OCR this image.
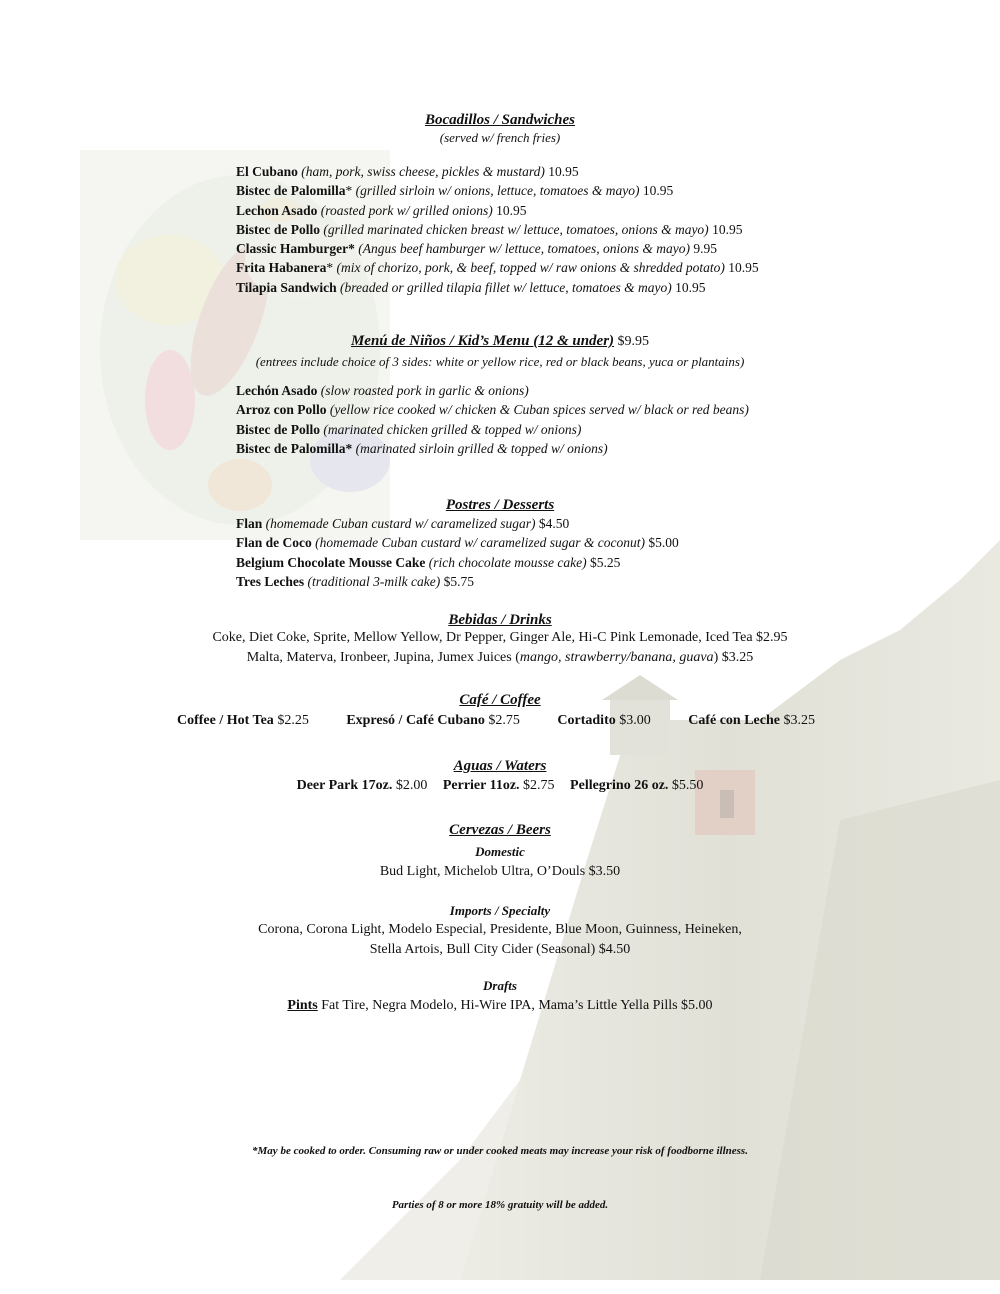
Bocadillos / Sandwiches
(served w/ french fries)
El Cubano (ham, pork, swiss cheese, pickles & mustard) 10.95
Bistec de Palomilla* (grilled sirloin w/ onions, lettuce, tomatoes & mayo) 10.95
Lechon Asado (roasted pork w/ grilled onions) 10.95
Bistec de Pollo (grilled marinated chicken breast w/ lettuce, tomatoes, onions & mayo) 10.95
Classic Hamburger* (Angus beef hamburger w/ lettuce, tomatoes, onions & mayo) 9.95
Frita Habanera* (mix of chorizo, pork, & beef, topped w/ raw onions & shredded potato) 10.95
Tilapia Sandwich (breaded or grilled tilapia fillet w/ lettuce, tomatoes & mayo) 10.95
Menú de Niños / Kid’s Menu (12 & under) $9.95
(entrees include choice of 3 sides: white or yellow rice, red or black beans, yuca or plantains)
Lechón Asado (slow roasted pork in garlic & onions)
Arroz con Pollo (yellow rice cooked w/ chicken & Cuban spices served w/ black or red beans)
Bistec de Pollo (marinated chicken grilled & topped w/ onions)
Bistec de Palomilla* (marinated sirloin grilled & topped w/ onions)
Postres / Desserts
Flan (homemade Cuban custard w/ caramelized sugar) $4.50
Flan de Coco (homemade Cuban custard w/ caramelized sugar & coconut) $5.00
Belgium Chocolate Mousse Cake (rich chocolate mousse cake) $5.25
Tres Leches (traditional 3-milk cake) $5.75
Bebidas / Drinks
Coke, Diet Coke, Sprite, Mellow Yellow, Dr Pepper, Ginger Ale, Hi-C Pink Lemonade, Iced Tea $2.95
Malta, Materva, Ironbeer, Jupina, Jumex Juices (mango, strawberry/banana, guava) $3.25
Café / Coffee
Coffee / Hot Tea $2.25	Expresó / Café Cubano $2.75	Cortadito $3.00	Café con Leche $3.25
Aguas / Waters
Deer Park 17oz. $2.00 Perrier 11oz. $2.75 Pellegrino 26 oz. $5.50
Cervezas / Beers
Domestic
Bud Light, Michelob Ultra, O’Douls $3.50
Imports / Specialty
Corona, Corona Light, Modelo Especial, Presidente, Blue Moon, Guinness, Heineken,
Stella Artois, Bull City Cider (Seasonal) $4.50
Drafts
Pints Fat Tire, Negra Modelo, Hi-Wire IPA, Mama’s Little Yella Pills $5.00
*May be cooked to order. Consuming raw or under cooked meats may increase your risk of foodborne illness.
Parties of 8 or more 18% gratuity will be added.
